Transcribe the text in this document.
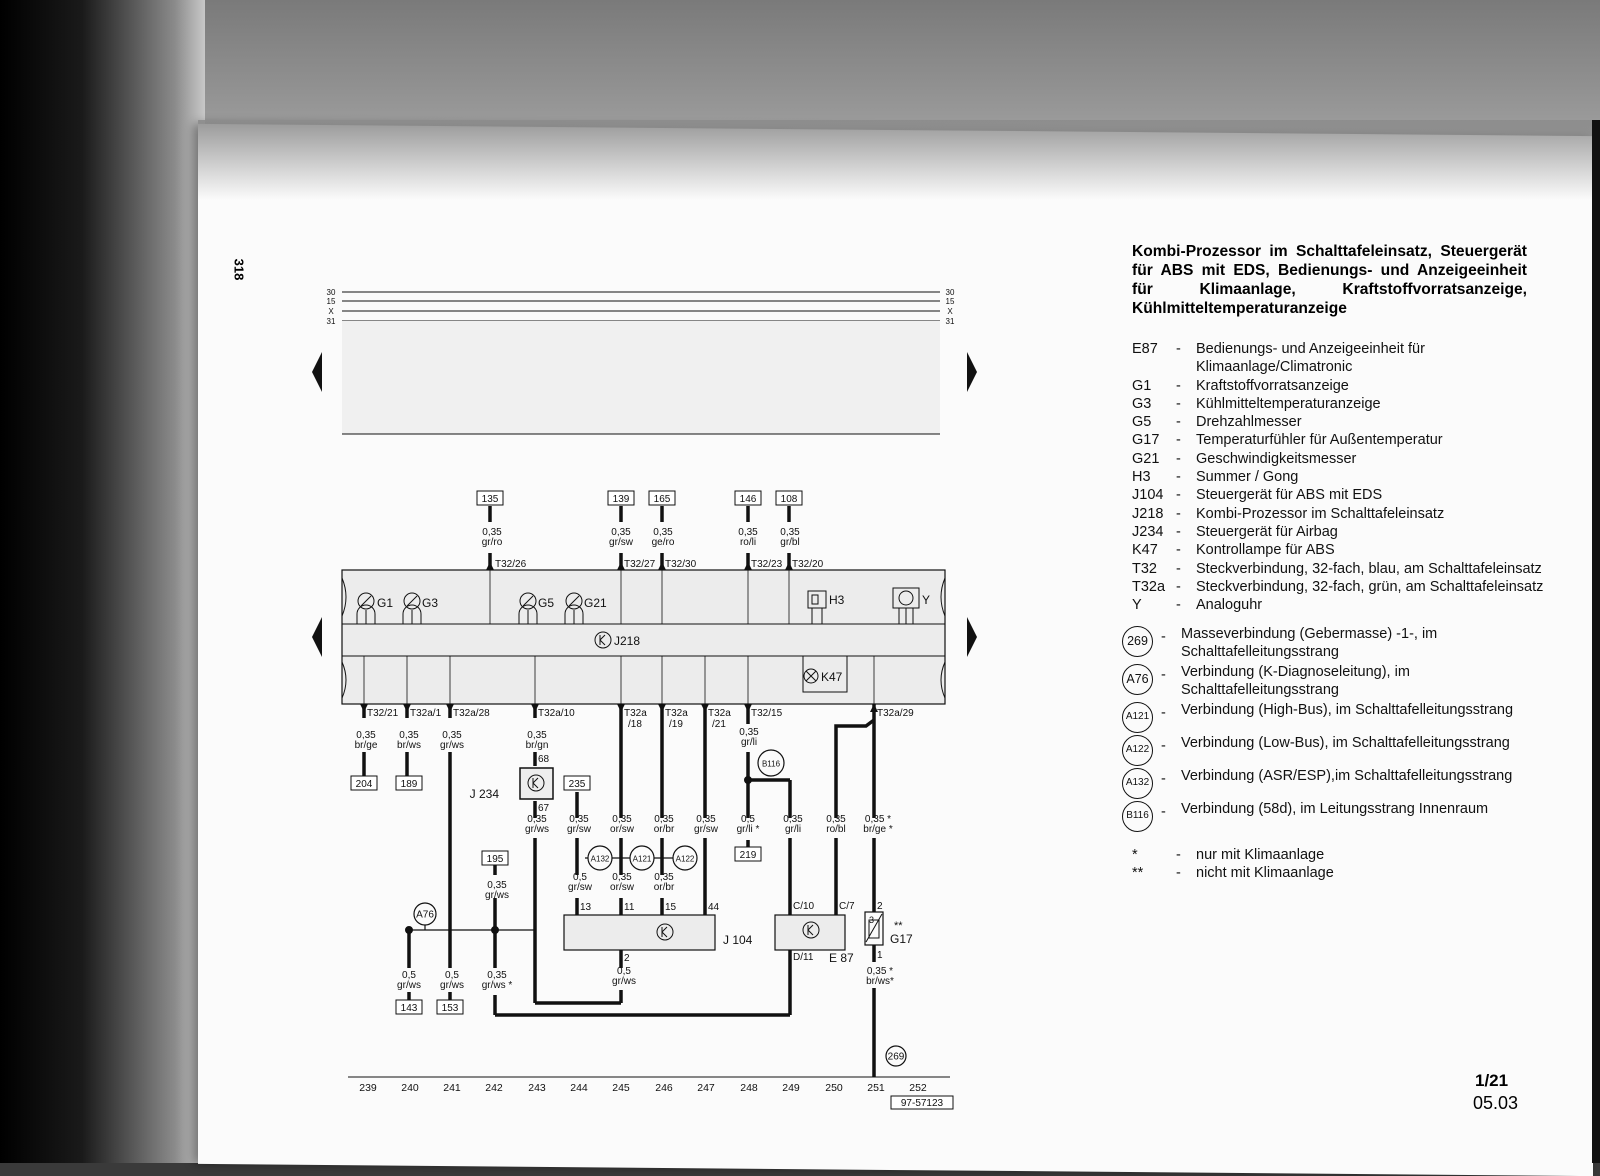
30	30
15	15
X	X
31	31
135	139 165	146 108
0,35
gr/ro
0,35
gr/sw
0,35
ge/ro
0,35
ro/li
0,35
gr/bl
T32/26	T32/27 T32/30	T32/23 T32/20
G1 G3	G5 G21	H3	Y
J218
K47
T32/21 T32a/1 T32a/28	T32a/10	T32a
/18
T32a
/19
T32a
/21
T32/15	T32a/29
0,35
br/ge
0,35
br/ws
0,35
gr/ws
0,35
br/gn
0,35
gr/li
204	189	235
219
195
143 153
68
67
J 234
0,35
gr/ws
0,35
gr/sw
0,35
or/sw
0,35
or/br
0,35
gr/sw
0,5
gr/li *
0,35
gr/li
0,35
ro/bl
0,35 *
br/ge *
0,5
gr/sw
0,35
or/sw
0,35
or/br
13	11	15	44
2
J 104
0,5
gr/ws
C/10 C/7
D/11 E 87
2
3 **
G17
1
0,35 *
br/ws*
0,35
gr/ws
0,5
gr/ws
0,5
gr/ws
0,35
gr/ws *
A76
A132	A121	A122
B116
269
239 240 241 242 243 244 245 246 247 248 249 250 251 252
97-57123
318
Kombi-Prozessor im Schalttafeleinsatz, Steuergerät für ABS mit EDS, Bedienungs- und Anzeigeeinheit für Klimaanlage, Kraftstoffvorratsanzeige, Kühlmitteltemperaturanzeige
E87	-	Bedienungs- und Anzeigeeinheit für Klimaanlage/Climatronic
G1	-	Kraftstoffvorratsanzeige
G3	-	Kühlmitteltemperaturanzeige
G5	-	Drehzahlmesser
G17	-	Temperaturfühler für Außentemperatur
G21	-	Geschwindigkeitsmesser
H3	-	Summer / Gong
J104 -	Steuergerät für ABS mit EDS
J218 -	Kombi-Prozessor im Schalttafeleinsatz
J234 -	Steuergerät für Airbag
K47	-	Kontrollampe für ABS
T32	-	Steckverbindung, 32-fach, blau, am Schalttafeleinsatz
T32a -	Steckverbindung, 32-fach, grün, am Schalttafeleinsatz
Y	-	Analoguhr
269 -	Masseverbindung (Gebermasse) -1-, im Schalttafelleitungsstrang
A76 -	Verbindung (K-Diagnoseleitung), im Schalttafelleitungsstrang
A121 -	Verbindung (High-Bus), im Schalttafelleitungsstrang
A122 -	Verbindung (Low-Bus), im Schalttafelleitungsstrang
A132 -	Verbindung (ASR/ESP),im Schalttafelleitungsstrang
B116 -	Verbindung (58d), im Leitungsstrang Innenraum
*	-	nur mit Klimaanlage
**	-	nicht mit Klimaanlage
1/21
05.03
